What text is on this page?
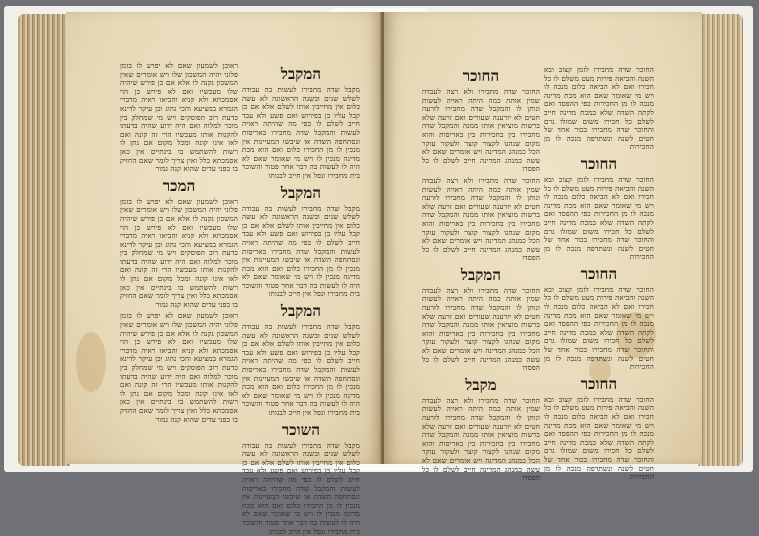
ראובן לשמעון שאם לא יפרע לו בזמן פלוני יהיה המשכון שלו ויש אומרים שאין המשכון נקנה לו אלא אם כן פירש שיהיה שלו מעכשיו ואם לא פירש כן הוי אסמכתא ולא קניא והביאו ראיה מדברי הגמרא במציעא והכי נהוג וכן עיקר לדינא כדעת רוב הפוסקים ויש מי שמחלק בין מוכר למלוה ואם היה ידוע שהיה בדעתו להקנות אותו מעכשיו הרי זה קונה ואם לאו אינו קונה ומכל מקום אם נתן לו רשות להשתמש בו בינתיים אין כאן אסמכתא כלל ואין צריך לומר שאם החזיק בו בפני עדים שהוא קנה גמור

המכר

ראובן לשמעון שאם לא יפרע לו בזמן פלוני יהיה המשכון שלו ויש אומרים שאין המשכון נקנה לו אלא אם כן פירש שיהיה שלו מעכשיו ואם לא פירש כן הוי אסמכתא ולא קניא והביאו ראיה מדברי הגמרא במציעא והכי נהוג וכן עיקר לדינא כדעת רוב הפוסקים ויש מי שמחלק בין מוכר למלוה ואם היה ידוע שהיה בדעתו להקנות אותו מעכשיו הרי זה קונה ואם לאו אינו קונה ומכל מקום אם נתן לו רשות להשתמש בו בינתיים אין כאן אסמכתא כלל ואין צריך לומר שאם החזיק בו בפני עדים שהוא קנה גמור

ראובן לשמעון שאם לא יפרע לו בזמן פלוני יהיה המשכון שלו ויש אומרים שאין המשכון נקנה לו אלא אם כן פירש שיהיה שלו מעכשיו ואם לא פירש כן הוי אסמכתא ולא קניא והביאו ראיה מדברי הגמרא במציעא והכי נהוג וכן עיקר לדינא כדעת רוב הפוסקים ויש מי שמחלק בין מוכר למלוה ואם היה ידוע שהיה בדעתו להקנות אותו מעכשיו הרי זה קונה ואם לאו אינו קונה ומכל מקום אם נתן לו רשות להשתמש בו בינתיים אין כאן אסמכתא כלל ואין צריך לומר שאם החזיק בו בפני עדים שהוא קנה גמור

המקבל

מקבל שדה מחבירו לעשות בה עבודה לשלש שנים ובשנה הראשונה לא עשה כלום אין מחייבין אותו לשלם אלא אם כן קבל עליו כן בפירוש ואם פשע ולא עבד חייב לשלם לו כפי מה שהיתה ראויה לעשות והמקבל שדה מחבירו באריסות ונסתחפה השדה או שיבשו המעיינות אין מנכין לו מן החכירו כלום ואם הוא מכת מדינה מנכין לו ויש מי שאומר שאם לא היה לו לעשות בה דבר אחר פטור והשוכר בית מחבירו ונפל אין חייב לבנותו

המקבל

מקבל שדה מחבירו לעשות בה עבודה לשלש שנים ובשנה הראשונה לא עשה כלום אין מחייבין אותו לשלם אלא אם כן קבל עליו כן בפירוש ואם פשע ולא עבד חייב לשלם לו כפי מה שהיתה ראויה לעשות והמקבל שדה מחבירו באריסות ונסתחפה השדה או שיבשו המעיינות אין מנכין לו מן החכירו כלום ואם הוא מכת מדינה מנכין לו ויש מי שאומר שאם לא היה לו לעשות בה דבר אחר פטור והשוכר בית מחבירו ונפל אין חייב לבנותו

המקבל

מקבל שדה מחבירו לעשות בה עבודה לשלש שנים ובשנה הראשונה לא עשה כלום אין מחייבין אותו לשלם אלא אם כן קבל עליו כן בפירוש ואם פשע ולא עבד חייב לשלם לו כפי מה שהיתה ראויה לעשות והמקבל שדה מחבירו באריסות ונסתחפה השדה או שיבשו המעיינות אין מנכין לו מן החכירו כלום ואם הוא מכת מדינה מנכין לו ויש מי שאומר שאם לא היה לו לעשות בה דבר אחר פטור והשוכר בית מחבירו ונפל אין חייב לבנותו

השוכר

מקבל שדה מחבירו לעשות בה עבודה לשלש שנים ובשנה הראשונה לא עשה כלום אין מחייבין אותו לשלם אלא אם כן קבל עליו כן בפירוש ואם פשע ולא עבד חייב לשלם לו כפי מה שהיתה ראויה לעשות והמקבל שדה מחבירו באריסות ונסתחפה השדה או שיבשו המעיינות אין מנכין לו מן החכירו כלום ואם הוא מכת מדינה מנכין לו ויש מי שאומר שאם לא היה לו לעשות בה דבר אחר פטור והשוכר בית מחבירו ונפל אין חייב לבנותו

החוכר

החוכר שדה מחבירו ולא רצה לעבדה שמין אותה כמה היתה ראויה לעשות ונותן לו והמקבל שדה מחבירו לזרעה חטים לא יזרענה שעורים ואם זרעה שלא ברשות מוציאין אותו ממנה והמקבל שדה מחבירו בין בחכירות בין באריסות והוא מקום שנהגו לקצור קוצר ולעקור עוקר הכל כמנהג המדינה ויש אומרים שאם לא עשה כמנהג המדינה חייב לשלם לו כל הפסדו

החוכר שדה מחבירו ולא רצה לעבדה שמין אותה כמה היתה ראויה לעשות ונותן לו והמקבל שדה מחבירו לזרעה חטים לא יזרענה שעורים ואם זרעה שלא ברשות מוציאין אותו ממנה והמקבל שדה מחבירו בין בחכירות בין באריסות והוא מקום שנהגו לקצור קוצר ולעקור עוקר הכל כמנהג המדינה ויש אומרים שאם לא עשה כמנהג המדינה חייב לשלם לו כל הפסדו

המקבל

החוכר שדה מחבירו ולא רצה לעבדה שמין אותה כמה היתה ראויה לעשות ונותן לו והמקבל שדה מחבירו לזרעה חטים לא יזרענה שעורים ואם זרעה שלא ברשות מוציאין אותו ממנה והמקבל שדה מחבירו בין בחכירות בין באריסות והוא מקום שנהגו לקצור קוצר ולעקור עוקר הכל כמנהג המדינה ויש אומרים שאם לא עשה כמנהג המדינה חייב לשלם לו כל הפסדו

מקבל

החוכר שדה מחבירו ולא רצה לעבדה שמין אותה כמה היתה ראויה לעשות ונותן לו והמקבל שדה מחבירו לזרעה חטים לא יזרענה שעורים ואם זרעה שלא ברשות מוציאין אותו ממנה והמקבל שדה מחבירו בין בחכירות בין באריסות והוא מקום שנהגו לקצור קוצר ולעקור עוקר הכל כמנהג המדינה ויש אומרים שאם לא עשה כמנהג המדינה חייב לשלם לו כל הפסדו

החוכר שדה מחבירו לזמן קצוב ובא השנה והביאה פירות מעט משלם לו כל חכירו ואם לא הביאה כלום מנכה לו ויש מי שאומר שאם הוא מכת מדינה מנכה לו מן החכירות כפי ההפסד ואם לקתה השדה שלא במכת מדינה חייב לשלם כל חכירו משום שמזלו גרם והחוכר שדה מחבירו בכור אחד של חטים לשנה ונשתדפה מנכה לו מן החכירות

החוכר

החוכר שדה מחבירו לזמן קצוב ובא השנה והביאה פירות מעט משלם לו כל חכירו ואם לא הביאה כלום מנכה לו ויש מי שאומר שאם הוא מכת מדינה מנכה לו מן החכירות כפי ההפסד ואם לקתה השדה שלא במכת מדינה חייב לשלם כל חכירו משום שמזלו גרם והחוכר שדה מחבירו בכור אחד של חטים לשנה ונשתדפה מנכה לו מן החכירות

החוכר

החוכר שדה מחבירו לזמן קצוב ובא השנה והביאה פירות מעט משלם לו כל חכירו ואם לא הביאה כלום מנכה לו ויש מי שאומר שאם הוא מכת מדינה מנכה לו מן החכירות כפי ההפסד ואם לקתה השדה שלא במכת מדינה חייב לשלם כל חכירו משום שמזלו גרם והחוכר שדה מחבירו בכור אחד של חטים לשנה ונשתדפה מנכה לו מן החכירות

החוכר

החוכר שדה מחבירו לזמן קצוב ובא השנה והביאה פירות מעט משלם לו כל חכירו ואם לא הביאה כלום מנכה לו ויש מי שאומר שאם הוא מכת מדינה מנכה לו מן החכירות כפי ההפסד ואם לקתה השדה שלא במכת מדינה חייב לשלם כל חכירו משום שמזלו גרם והחוכר שדה מחבירו בכור אחד של חטים לשנה ונשתדפה מנכה לו מן החכירות
